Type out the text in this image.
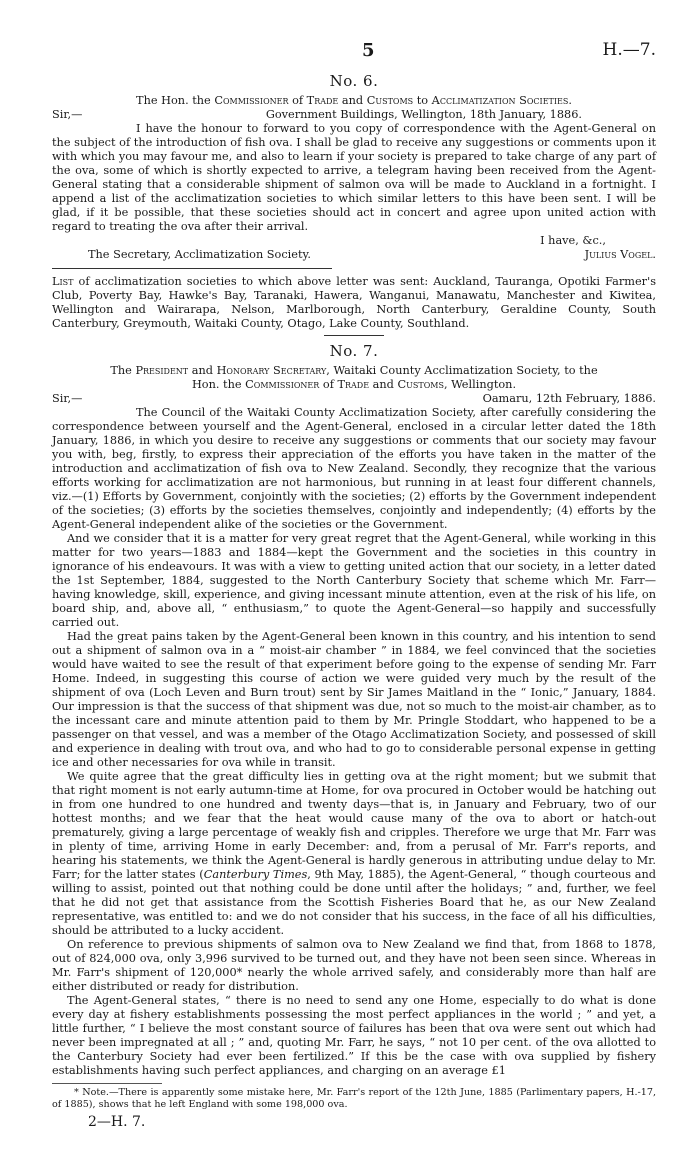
5	H.—7.
No. 6.

The Hon. the Commissioner of Trade and Customs to Acclimatization Societies.

Sir,—	Government Buildings, Wellington, 18th January, 1886.

I have the honour to forward to you copy of correspondence with the Agent-General on the subject of the introduction of fish ova. I shall be glad to receive any suggestions or comments upon it with which you may favour me, and also to learn if your society is prepared to take charge of any part of the ova, some of which is shortly expected to arrive, a telegram having been received from the Agent-General stating that a considerable shipment of salmon ova will be made to Auckland in a fortnight. I append a list of the acclimatization societies to which similar letters to this have been sent. I will be glad, if it be possible, that these societies should act in concert and agree upon united action with regard to treating the ova after their arrival.

I have, &c.,

The Secretary, Acclimatization Society.	Julius Vogel.

List of acclimatization societies to which above letter was sent: Auckland, Tauranga, Opotiki Farmer's Club, Poverty Bay, Hawke's Bay, Taranaki, Hawera, Wanganui, Manawatu, Manchester and Kiwitea, Wellington and Wairarapa, Nelson, Marlborough, North Canterbury, Geraldine County, South Canterbury, Greymouth, Waitaki County, Otago, Lake County, Southland.

No. 7.

The President and Honorary Secretary, Waitaki County Acclimatization Society, to the

Hon. the Commissioner of Trade and Customs, Wellington.

Sir,—	Oamaru, 12th February, 1886.

The Council of the Waitaki County Acclimatization Society, after carefully considering the correspondence between yourself and the Agent-General, enclosed in a circular letter dated the 18th January, 1886, in which you desire to receive any suggestions or comments that our society may favour you with, beg, firstly, to express their appreciation of the efforts you have taken in the matter of the introduction and acclimatization of fish ova to New Zealand. Secondly, they recognize that the various efforts working for acclimatization are not harmonious, but running in at least four different channels, viz.—(1) Efforts by Government, conjointly with the societies; (2) efforts by the Government independent of the societies; (3) efforts by the societies themselves, conjointly and independently; (4) efforts by the Agent-General independent alike of the societies or the Government.

And we consider that it is a matter for very great regret that the Agent-General, while working in this matter for two years—1883 and 1884—kept the Government and the societies in this country in ignorance of his endeavours. It was with a view to getting united action that our society, in a letter dated the 1st September, 1884, suggested to the North Canterbury Society that scheme which Mr. Farr—having knowledge, skill, experience, and giving incessant minute attention, even at the risk of his life, on board ship, and, above all, “ enthusiasm,” to quote the Agent-General—so happily and successfully carried out.

Had the great pains taken by the Agent-General been known in this country, and his intention to send out a shipment of salmon ova in a “ moist-air chamber ” in 1884, we feel convinced that the societies would have waited to see the result of that experiment before going to the expense of sending Mr. Farr Home. Indeed, in suggesting this course of action we were guided very much by the result of the shipment of ova (Loch Leven and Burn trout) sent by Sir James Maitland in the “ Ionic,” January, 1884. Our impression is that the success of that shipment was due, not so much to the moist-air chamber, as to the incessant care and minute attention paid to them by Mr. Pringle Stoddart, who happened to be a passenger on that vessel, and was a member of the Otago Acclimatization Society, and possessed of skill and experience in dealing with trout ova, and who had to go to considerable personal expense in getting ice and other necessaries for ova while in transit.

We quite agree that the great difficulty lies in getting ova at the right moment; but we submit that that right moment is not early autumn-time at Home, for ova procured in October would be hatching out in from one hundred to one hundred and twenty days—that is, in January and February, two of our hottest months; and we fear that the heat would cause many of the ova to abort or hatch-out prematurely, giving a large percentage of weakly fish and cripples. Therefore we urge that Mr. Farr was in plenty of time, arriving Home in early December: and, from a perusal of Mr. Farr's reports, and hearing his statements, we think the Agent-General is hardly generous in attributing undue delay to Mr. Farr; for the latter states (Canterbury Times, 9th May, 1885), the Agent-General, “ though courteous and willing to assist, pointed out that nothing could be done until after the holidays; ” and, further, we feel that he did not get that assistance from the Scottish Fisheries Board that he, as our New Zealand representative, was entitled to: and we do not consider that his success, in the face of all his difficulties, should be attributed to a lucky accident.

On reference to previous shipments of salmon ova to New Zealand we find that, from 1868 to 1878, out of 824,000 ova, only 3,996 survived to be turned out, and they have not been seen since. Whereas in Mr. Farr's shipment of 120,000* nearly the whole arrived safely, and considerably more than half are either distributed or ready for distribution.

The Agent-General states, “ there is no need to send any one Home, especially to do what is done every day at fishery establishments possessing the most perfect appliances in the world ; ” and yet, a little further, “ I believe the most constant source of failures has been that ova were sent out which had never been impregnated at all ; ” and, quoting Mr. Farr, he says, “ not 10 per cent. of the ova allotted to the Canterbury Society had ever been fertilized.” If this be the case with ova supplied by fishery establishments having such perfect appliances, and charging on an average £1

* Note.—There is apparently some mistake here, Mr. Farr's report of the 12th June, 1885 (Parlimentary papers, H.-17, of 1885), shows that he left England with some 198,000 ova.

2—H. 7.
